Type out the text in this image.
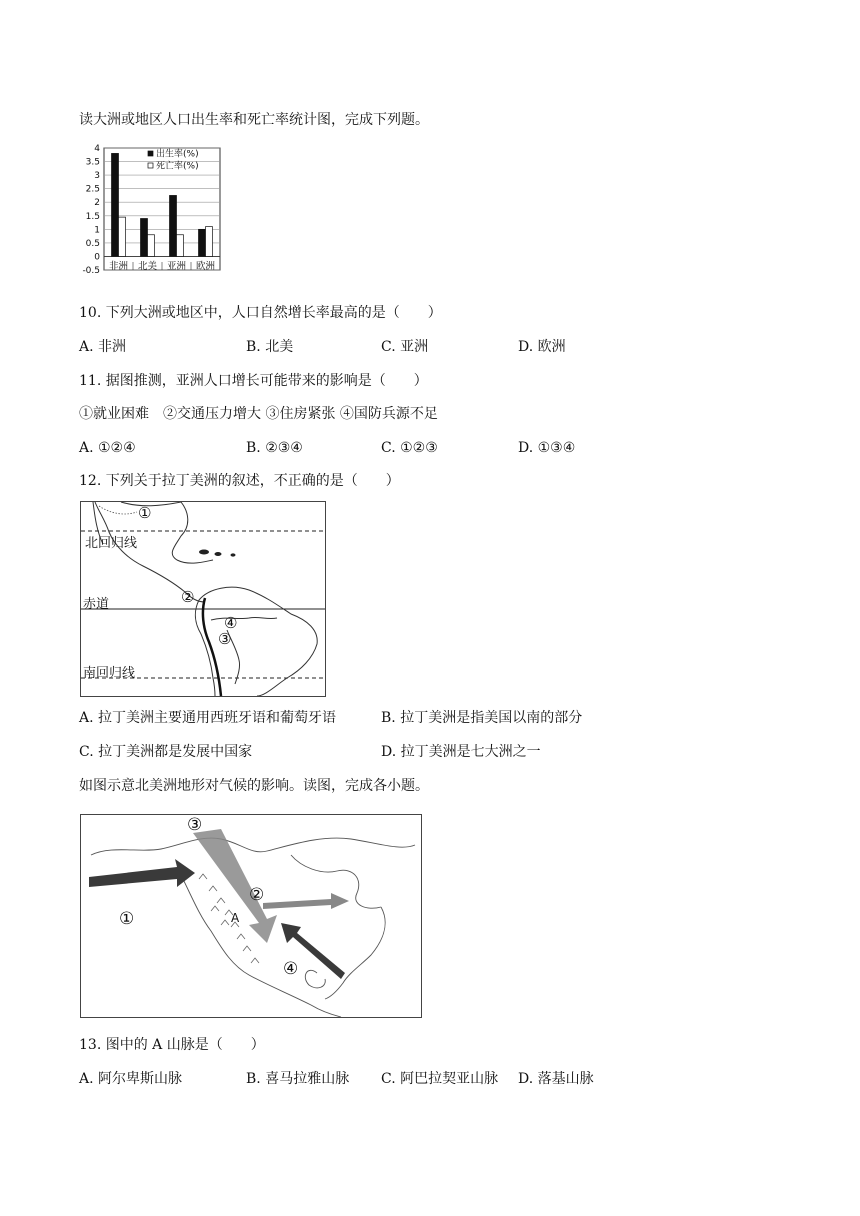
读大洲或地区人口出生率和死亡率统计图，完成下列题。
4
3.5
3
2.5
2
1.5
1
0.5
0
-0.5 非洲 北美 亚洲 欧洲
出生率(%)
死亡率(%)
10. 下列大洲或地区中，人口自然增长率最高的是（　　）
A. 非洲	B. 北美	C. 亚洲	D. 欧洲
11. 据图推测，亚洲人口增长可能带来的影响是（　　）
①就业困难　②交通压力增大 ③住房紧张 ④国防兵源不足
A. ①②④	B. ②③④	C. ①②③	D. ①③④
12. 下列关于拉丁美洲的叙述，不正确的是（　　）
北回归线
赤道
南回归线
①
②
③
④
A. 拉丁美洲主要通用西班牙语和葡萄牙语	B. 拉丁美洲是指美国以南的部分
C. 拉丁美洲都是发展中国家	D. 拉丁美洲是七大洲之一
如图示意北美洲地形对气候的影响。读图，完成各小题。
①
②
③
④
A
13. 图中的 A 山脉是（　　）
A. 阿尔卑斯山脉	B. 喜马拉雅山脉 C. 阿巴拉契亚山脉 D. 落基山脉
